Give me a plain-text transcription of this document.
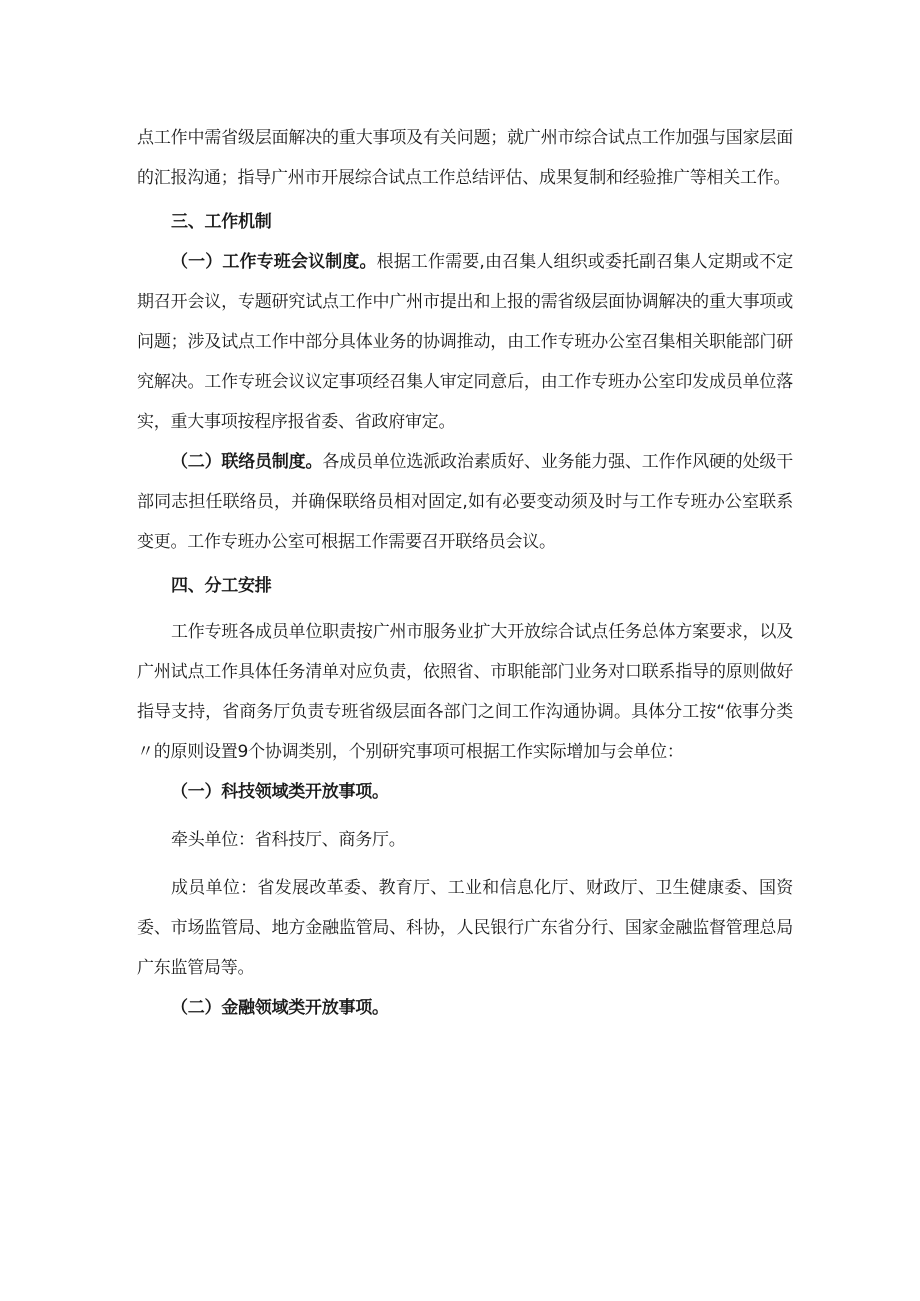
点工作中需省级层面解决的重大事项及有关问题；就广州市综合试点工作加强与国家层面的汇报沟通；指导广州市开展综合试点工作总结评估、成果复制和经验推广等相关工作。

三、工作机制

（一）工作专班会议制度。根据工作需要,由召集人组织或委托副召集人定期或不定期召开会议，专题研究试点工作中广州市提出和上报的需省级层面协调解决的重大事项或问题；涉及试点工作中部分具体业务的协调推动，由工作专班办公室召集相关职能部门研究解决。工作专班会议议定事项经召集人审定同意后，由工作专班办公室印发成员单位落实，重大事项按程序报省委、省政府审定。

（二）联络员制度。各成员单位选派政治素质好、业务能力强、工作作风硬的处级干部同志担任联络员，并确保联络员相对固定,如有必要变动须及时与工作专班办公室联系变更。工作专班办公室可根据工作需要召开联络员会议。

四、分工安排

工作专班各成员单位职责按广州市服务业扩大开放综合试点任务总体方案要求，以及广州试点工作具体任务清单对应负责，依照省、市职能部门业务对口联系指导的原则做好指导支持，省商务厅负责专班省级层面各部门之间工作沟通协调。具体分工按“依事分类〃的原则设置9个协调类别，个别研究事项可根据工作实际增加与会单位：

（一）科技领域类开放事项。

牵头单位：省科技厅、商务厅。

成员单位：省发展改革委、教育厅、工业和信息化厅、财政厅、卫生健康委、国资委、市场监管局、地方金融监管局、科协，人民银行广东省分行、国家金融监督管理总局广东监管局等。

（二）金融领域类开放事项。
